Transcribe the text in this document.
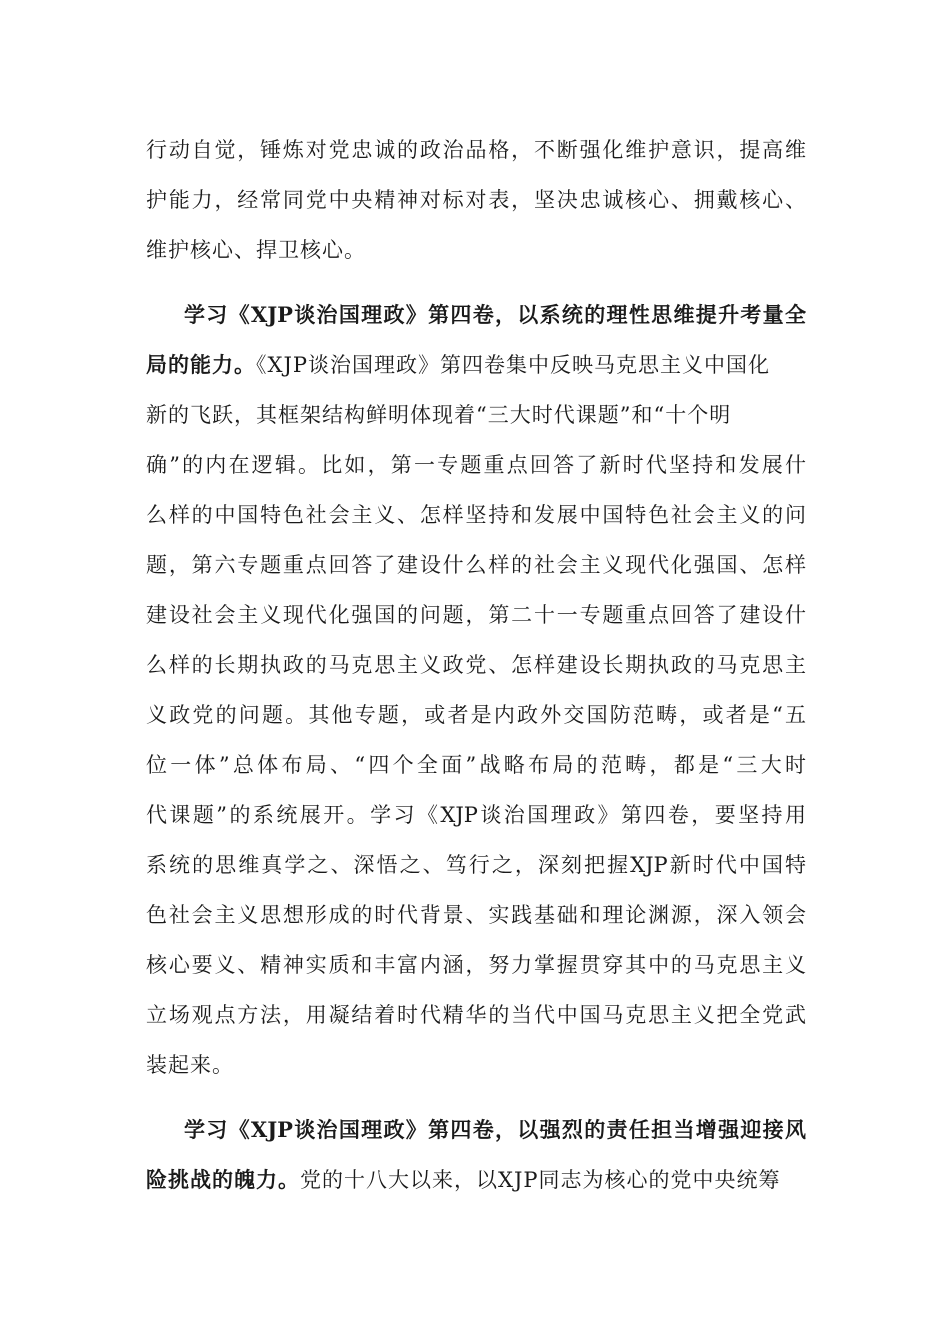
行动自觉，锤炼对党忠诚的政治品格，不断强化维护意识，提高维
护能力，经常同党中央精神对标对表，坚决忠诚核心、拥戴核心、
维护核心、捍卫核心。
学习《XJP谈治国理政》第四卷，以系统的理性思维提升考量全
局的能力。《XJP谈治国理政》第四卷集中反映马克思主义中国化
新的飞跃，其框架结构鲜明体现着“三大时代课题”和“十个明
确”的内在逻辑。比如，第一专题重点回答了新时代坚持和发展什
么样的中国特色社会主义、怎样坚持和发展中国特色社会主义的问
题，第六专题重点回答了建设什么样的社会主义现代化强国、怎样
建设社会主义现代化强国的问题，第二十一专题重点回答了建设什
么样的长期执政的马克思主义政党、怎样建设长期执政的马克思主
义政党的问题。其他专题，或者是内政外交国防范畴，或者是“五
位一体”总体布局、“四个全面”战略布局的范畴，都是“三大时
代课题”的系统展开。学习《XJP谈治国理政》第四卷，要坚持用
系统的思维真学之、深悟之、笃行之，深刻把握XJP新时代中国特
色社会主义思想形成的时代背景、实践基础和理论渊源，深入领会
核心要义、精神实质和丰富内涵，努力掌握贯穿其中的马克思主义
立场观点方法，用凝结着时代精华的当代中国马克思主义把全党武
装起来。
学习《XJP谈治国理政》第四卷，以强烈的责任担当增强迎接风
险挑战的魄力。党的十八大以来，以XJP同志为核心的党中央统筹
